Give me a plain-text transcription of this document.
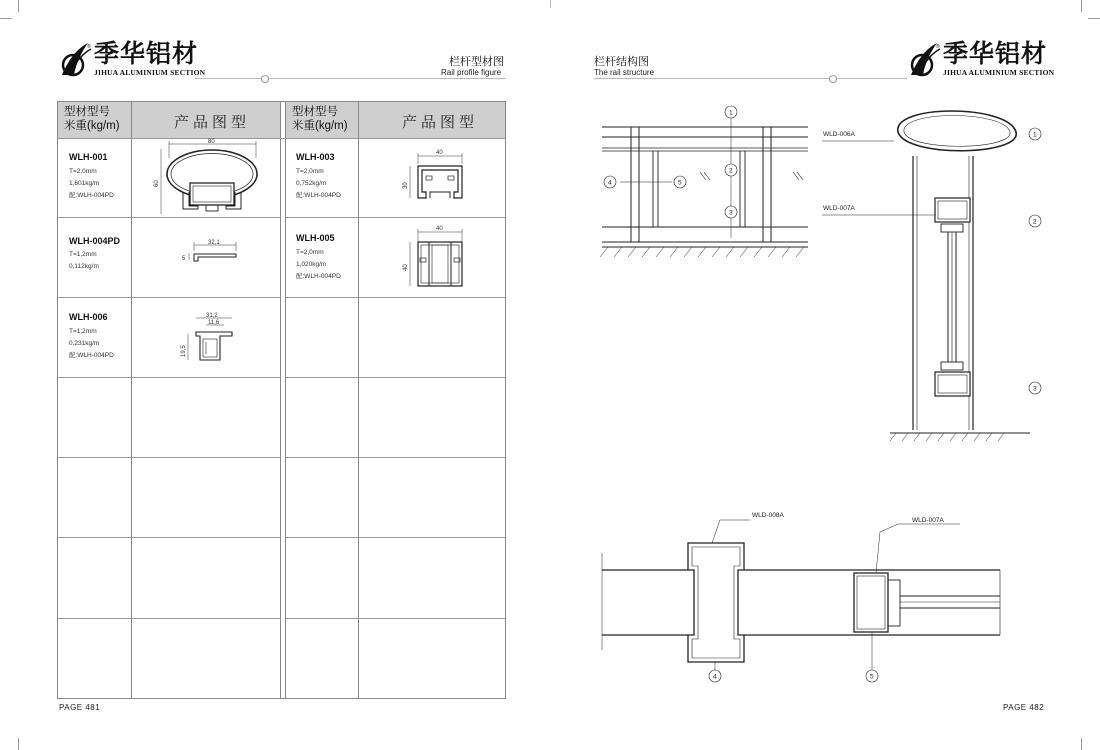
® 季华铝材
JIHUA ALUMINIUM SECTION
栏杆型材图
Rail profile figure
型材型号
米重(kg/m)	产品图型
型材型号
米重(kg/m)	产品图型
WLH-001
T=2,0mm
1,601kg/m
配:WLH-004PD
80
60
WLH-003
T=2,0mm
0,752kg/m
配:WLH-004PD
40
30
WLH-004PD
T=1,2mm
0,112kg/m
32,1
5
WLH-005
T=2,0mm
1,020kg/m
配:WLH-004PD
40
40
WLH-006
T=1,2mm
0,231kg/m
配:WLH-004PD
31,2
11,6
19,5
PAGE 481
栏杆结构图
The rail structure
® 季华铝材
JIHUA ALUMINIUM SECTION
1
2
3
4	5
WLD-006A
WLD-007A
1
2
3
WLD-008A
WLD-007A
4	5
PAGE 482
